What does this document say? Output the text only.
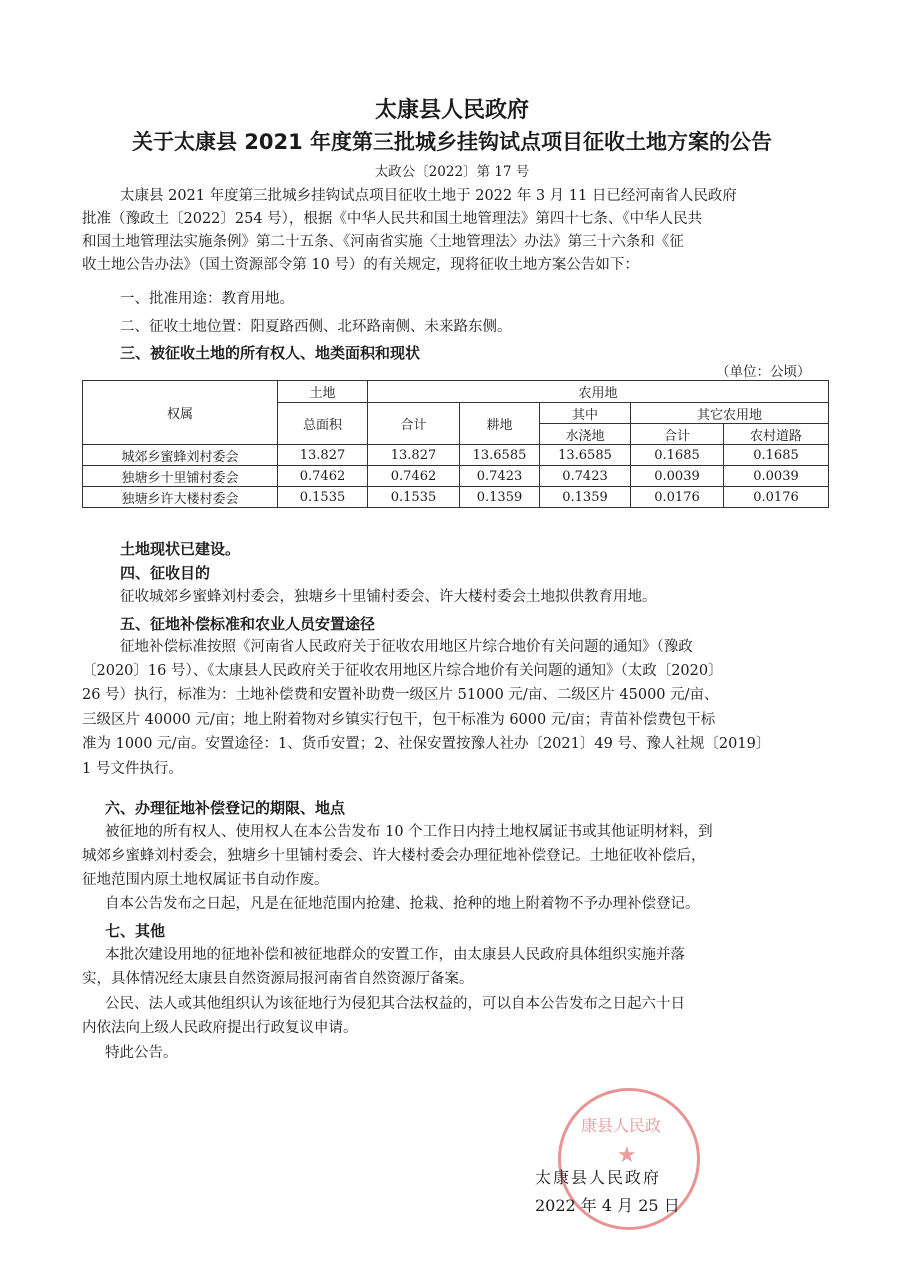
太康县人民政府
关于太康县 2021 年度第三批城乡挂钩试点项目征收土地方案的公告
太政公〔2022〕第 17 号
太康县 2021 年度第三批城乡挂钩试点项目征收土地于 2022 年 3 月 11 日已经河南省人民政府
批准（豫政土〔2022〕254 号），根据《中华人民共和国土地管理法》第四十七条、《中华人民共
和国土地管理法实施条例》第二十五条、《河南省实施〈土地管理法〉办法》第三十六条和《征
收土地公告办法》（国土资源部令第 10 号）的有关规定，现将征收土地方案公告如下：
一、批准用途：教育用地。
二、征收土地位置：阳夏路西侧、北环路南侧、未来路东侧。
三、被征收土地的所有权人、地类面积和现状
（单位：公顷）
权属	土地	农用地				
	总面积	合计	耕地	其中	其它农用地	
				水浇地	合计	农村道路
城郊乡蜜蜂刘村委会	13.827	13.827	13.6585	13.6585	0.1685	0.1685
独塘乡十里铺村委会	0.7462	0.7462	0.7423	0.7423	0.0039	0.0039
独塘乡许大楼村委会	0.1535	0.1535	0.1359	0.1359	0.0176	0.0176
土地现状已建设。
四、征收目的
征收城郊乡蜜蜂刘村委会，独塘乡十里铺村委会、许大楼村委会土地拟供教育用地。
五、征地补偿标准和农业人员安置途径
征地补偿标准按照《河南省人民政府关于征收农用地区片综合地价有关问题的通知》（豫政
〔2020〕16 号）、《太康县人民政府关于征收农用地区片综合地价有关问题的通知》（太政〔2020〕
26 号）执行，标准为：土地补偿费和安置补助费一级区片 51000 元/亩、二级区片 45000 元/亩、
三级区片 40000 元/亩；地上附着物对乡镇实行包干，包干标准为 6000 元/亩；青苗补偿费包干标
准为 1000 元/亩。安置途径：1、货币安置；2、社保安置按豫人社办〔2021〕49 号、豫人社规〔2019〕
1 号文件执行。
六、办理征地补偿登记的期限、地点
被征地的所有权人、使用权人在本公告发布 10 个工作日内持土地权属证书或其他证明材料，到
城郊乡蜜蜂刘村委会，独塘乡十里铺村委会、许大楼村委会办理征地补偿登记。土地征收补偿后，
征地范围内原土地权属证书自动作废。
自本公告发布之日起，凡是在征地范围内抢建、抢栽、抢种的地上附着物不予办理补偿登记。
七、其他
本批次建设用地的征地补偿和被征地群众的安置工作，由太康县人民政府具体组织实施并落
实，具体情况经太康县自然资源局报河南省自然资源厅备案。
公民、法人或其他组织认为该征地行为侵犯其合法权益的，可以自本公告发布之日起六十日
内依法向上级人民政府提出行政复议申请。
特此公告。
康县人民政
★
太康县人民政府
2022 年 4 月 25 日
